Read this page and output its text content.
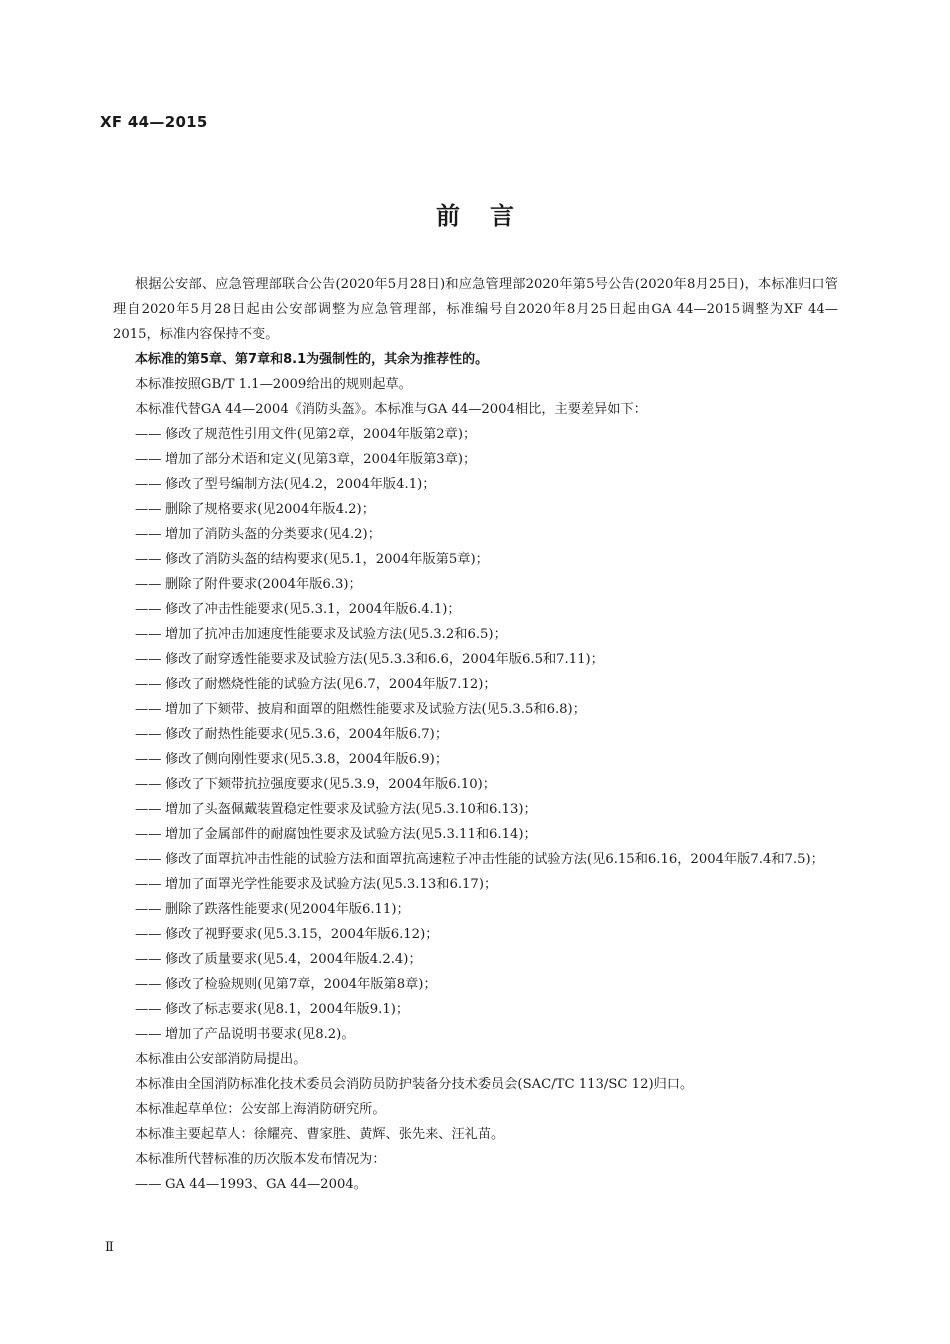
XF 44—2015
前言

根据公安部、应急管理部联合公告(2020年5月28日)和应急管理部2020年第5号公告(2020年8月25日)，本标准归口管理自2020年5月28日起由公安部调整为应急管理部，标准编号自2020年8月25日起由GA 44—2015调整为XF 44—2015，标准内容保持不变。

本标准的第5章、第7章和8.1为强制性的，其余为推荐性的。

本标准按照GB/T 1.1—2009给出的规则起草。

本标准代替GA 44—2004《消防头盔》。本标准与GA 44—2004相比，主要差异如下：

—— 修改了规范性引用文件(见第2章，2004年版第2章)；
—— 增加了部分术语和定义(见第3章，2004年版第3章)；
—— 修改了型号编制方法(见4.2，2004年版4.1)；
—— 删除了规格要求(见2004年版4.2)；
—— 增加了消防头盔的分类要求(见4.2)；
—— 修改了消防头盔的结构要求(见5.1，2004年版第5章)；
—— 删除了附件要求(2004年版6.3)；
—— 修改了冲击性能要求(见5.3.1，2004年版6.4.1)；
—— 增加了抗冲击加速度性能要求及试验方法(见5.3.2和6.5)；
—— 修改了耐穿透性能要求及试验方法(见5.3.3和6.6，2004年版6.5和7.11)；
—— 修改了耐燃烧性能的试验方法(见6.7，2004年版7.12)；
—— 增加了下颏带、披肩和面罩的阻燃性能要求及试验方法(见5.3.5和6.8)；
—— 修改了耐热性能要求(见5.3.6，2004年版6.7)；
—— 修改了侧向刚性要求(见5.3.8，2004年版6.9)；
—— 修改了下颏带抗拉强度要求(见5.3.9，2004年版6.10)；
—— 增加了头盔佩戴装置稳定性要求及试验方法(见5.3.10和6.13)；
—— 增加了金属部件的耐腐蚀性要求及试验方法(见5.3.11和6.14)；
—— 修改了面罩抗冲击性能的试验方法和面罩抗高速粒子冲击性能的试验方法(见6.15和6.16，2004年版7.4和7.5)；
—— 增加了面罩光学性能要求及试验方法(见5.3.13和6.17)；
—— 删除了跌落性能要求(见2004年版6.11)；
—— 修改了视野要求(见5.3.15，2004年版6.12)；
—— 修改了质量要求(见5.4，2004年版4.2.4)；
—— 修改了检验规则(见第7章，2004年版第8章)；
—— 修改了标志要求(见8.1，2004年版9.1)；
—— 增加了产品说明书要求(见8.2)。

本标准由公安部消防局提出。

本标准由全国消防标准化技术委员会消防员防护装备分技术委员会(SAC/TC 113/SC 12)归口。

本标准起草单位：公安部上海消防研究所。

本标准主要起草人：徐耀亮、曹家胜、黄辉、张先来、汪礼苗。

本标准所代替标准的历次版本发布情况为：

—— GA 44—1993、GA 44—2004。
Ⅱ
